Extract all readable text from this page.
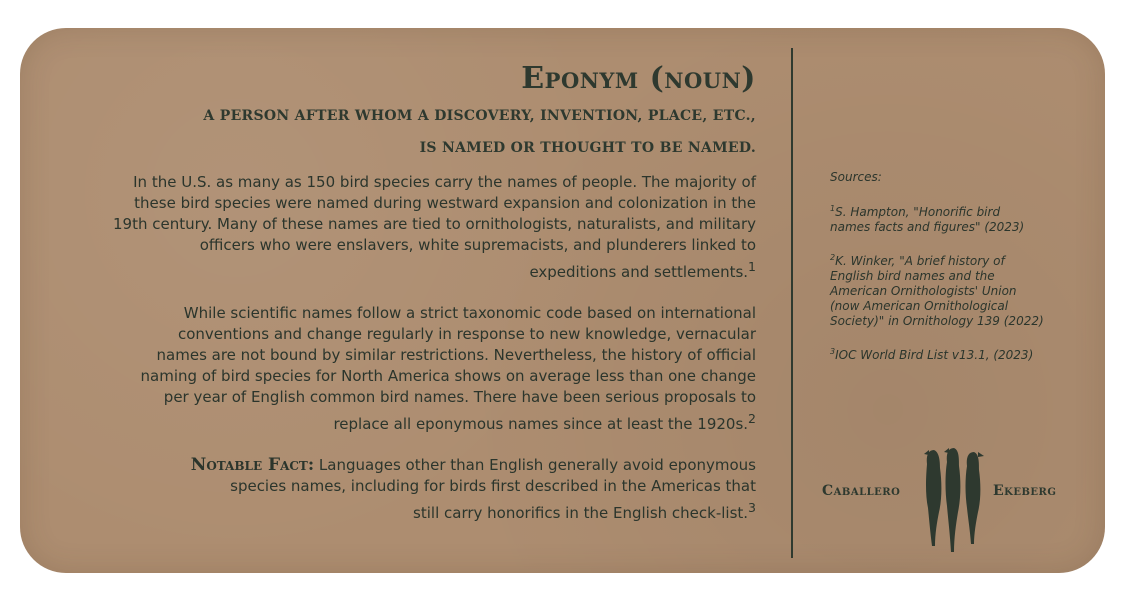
Eponym (noun)
A PERSON AFTER WHOM A DISCOVERY, INVENTION, PLACE, ETC.,
IS NAMED OR THOUGHT TO BE NAMED.

In the U.S. as many as 150 bird species carry the names of people. The majority of
these bird species were named during westward expansion and colonization in the
19th century. Many of these names are tied to ornithologists, naturalists, and military
officers who were enslavers, white supremacists, and plunderers linked to
expeditions and settlements.$^1$

While scientific names follow a strict taxonomic code based on international
conventions and change regularly in response to new knowledge, vernacular
names are not bound by similar restrictions. Nevertheless, the history of official
naming of bird species for North America shows on average less than one change
per year of English common bird names. There have been serious proposals to
replace all eponymous names since at least the 1920s.$^2$

Notable Fact: Languages other than English generally avoid eponymous
species names, including for birds first described in the Americas that
still carry honorifics in the English check-list.$^3$

Sources:
$^1$S. Hampton, "Honorific bird
names facts and figures" (2023)
$^2$K. Winker, "A brief history of
English bird names and the
American Ornithologists' Union
(now American Ornithological
Society)" in Ornithology 139 (2022)
$^3$IOC World Bird List v13.1, (2023)
Caballero	Ekeberg
